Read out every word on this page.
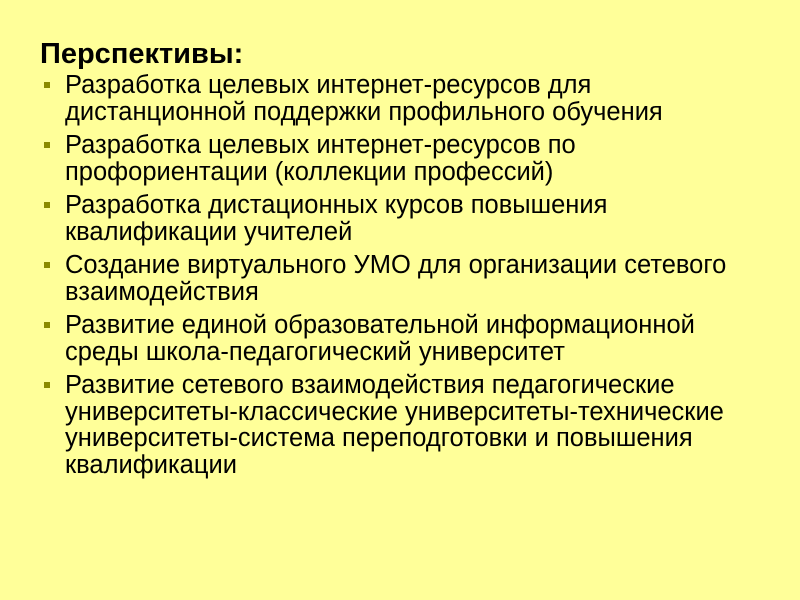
Перспективы:
Разработка целевых интернет-ресурсов для дистанционной поддержки профильного обучения
Разработка целевых интернет-ресурсов по профориентации (коллекции профессий)
Разработка дистационных курсов повышения квалификации учителей
Создание виртуального УМО для организации сетевого взаимодействия
Развитие единой образовательной информационной среды школа-педагогический университет
Развитие сетевого взаимодействия педагогические университеты-классические университеты-технические университеты-система переподготовки и повышения квалификации
